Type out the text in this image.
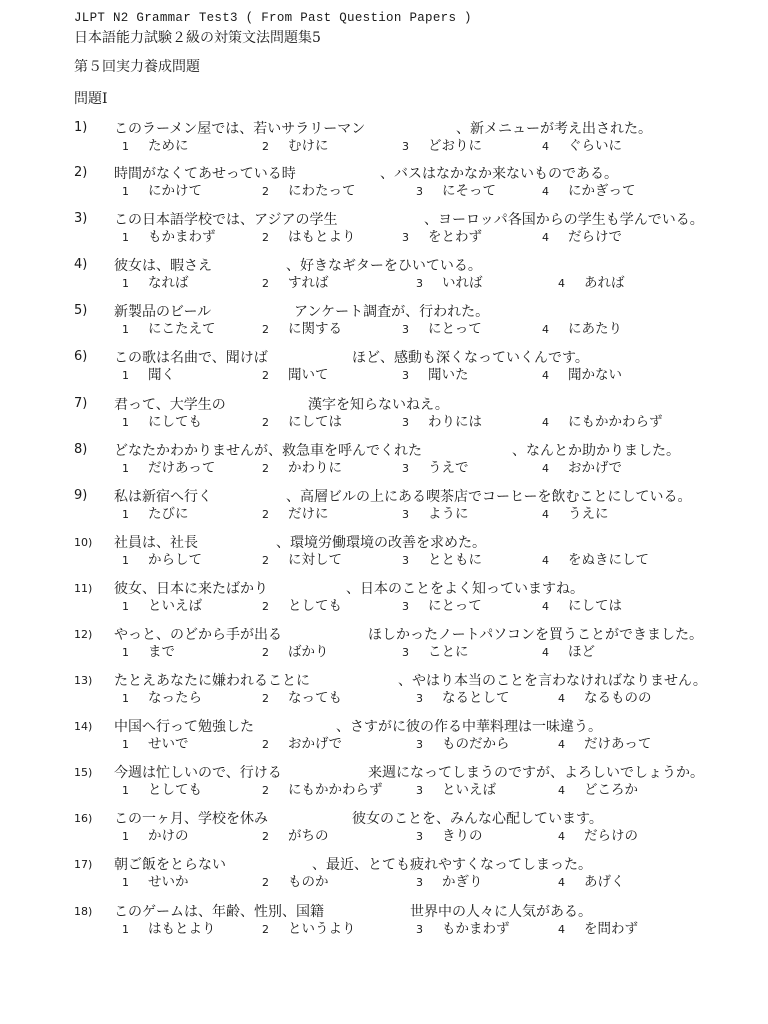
JLPT N2 Grammar Test3 ( From Past Question Papers )
日本語能力試験２級の対策文法問題集5
第５回実力養成問題
問題I
1)	このラーメン屋では、若いサラリーマン	、新メニューが考え出された。
1 ために	2 むけに	3 どおりに	4 ぐらいに
2)	時間がなくてあせっている時	、バスはなかなか来ないものである。
1 にかけて	2 にわたって	3 にそって	4 にかぎって
3)	この日本語学校では、アジアの学生	、ヨーロッパ各国からの学生も学んでいる。
1 もかまわず	2 はもとより	3 をとわず	4 だらけで
4)	彼女は、暇さえ	、好きなギターをひいている。
1 なれば	2 すれば	3 いれば	4 あれば
5)	新製品のビール	アンケート調査が、行われた。
1 にこたえて	2 に関する	3 にとって	4 にあたり
6)	この歌は名曲で、聞けば	ほど、感動も深くなっていくんです。
1 聞く	2 聞いて	3 聞いた	4 聞かない
7)	君って、大学生の	漢字を知らないねえ。
1 にしても	2 にしては	3 わりには	4 にもかかわらず
8)	どなたかわかりませんが、救急車を呼んでくれた	、なんとか助かりました。
1 だけあって	2 かわりに	3 うえで	4 おかげで
9)	私は新宿へ行く	、高層ビルの上にある喫茶店でコーヒーを飲むことにしている。
1 たびに	2 だけに	3 ように	4 うえに
10)	社員は、社長	、環境労働環境の改善を求めた。
1 からして	2 に対して	3 とともに	4 をぬきにして
11)	彼女、日本に来たばかり	、日本のことをよく知っていますね。
1 といえば	2 としても	3 にとって	4 にしては
12)	やっと、のどから手が出る	ほしかったノートパソコンを買うことができました。
1 まで	2 ばかり	3 ことに	4 ほど
13)	たとえあなたに嫌われることに	、やはり本当のことを言わなければなりません。
1 なったら	2 なっても	3 なるとして	4 なるものの
14)	中国へ行って勉強した	、さすがに彼の作る中華料理は一味違う。
1 せいで	2 おかげで	3 ものだから	4 だけあって
15)	今週は忙しいので、行ける	来週になってしまうのですが、よろしいでしょうか。
1 としても	2 にもかかわらず	3 といえば	4 どころか
16)	この一ヶ月、学校を休み	彼女のことを、みんな心配しています。
1 かけの	2 がちの	3 きりの	4 だらけの
17)	朝ご飯をとらない	、最近、とても疲れやすくなってしまった。
1 せいか	2 ものか	3 かぎり	4 あげく
18)	このゲームは、年齢、性別、国籍	世界中の人々に人気がある。
1 はもとより	2 というより	3 もかまわず	4 を問わず
